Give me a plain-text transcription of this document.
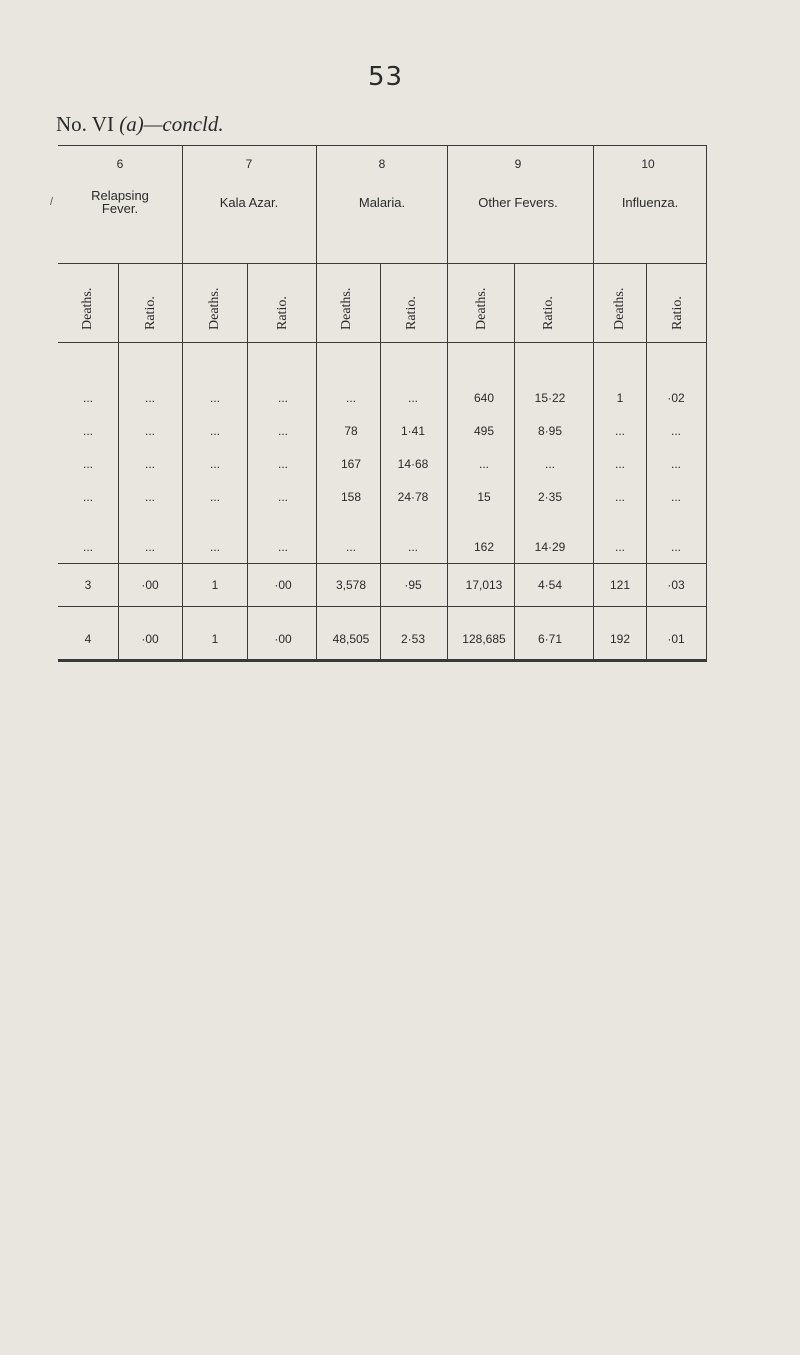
53
No. VI (a)—concld.
6
Relapsing
Fever.
7
Kala Azar.
8
Malaria.
9
Other Fevers.
10
Influenza.
/
Deaths.	Ratio.	Deaths.	Ratio.	Deaths.	Ratio.	Deaths.	Ratio.	Deaths.	Ratio.
...	...	...	...	...	...	640	15·22	1	·02
...	...	...	...	78	1·41	495	8·95	...	...
...	...	...	...	167	14·68	...	...	...	...
...	...	...	...	158	24·78	15	2·35	...	...
...	...	...	...	...	...	162	14·29	...	...
3	·00	1	·00	3,578	·95	17,013	4·54	121	·03
4	·00	1	·00	48,505	2·53	128,685	6·71	192	·01
